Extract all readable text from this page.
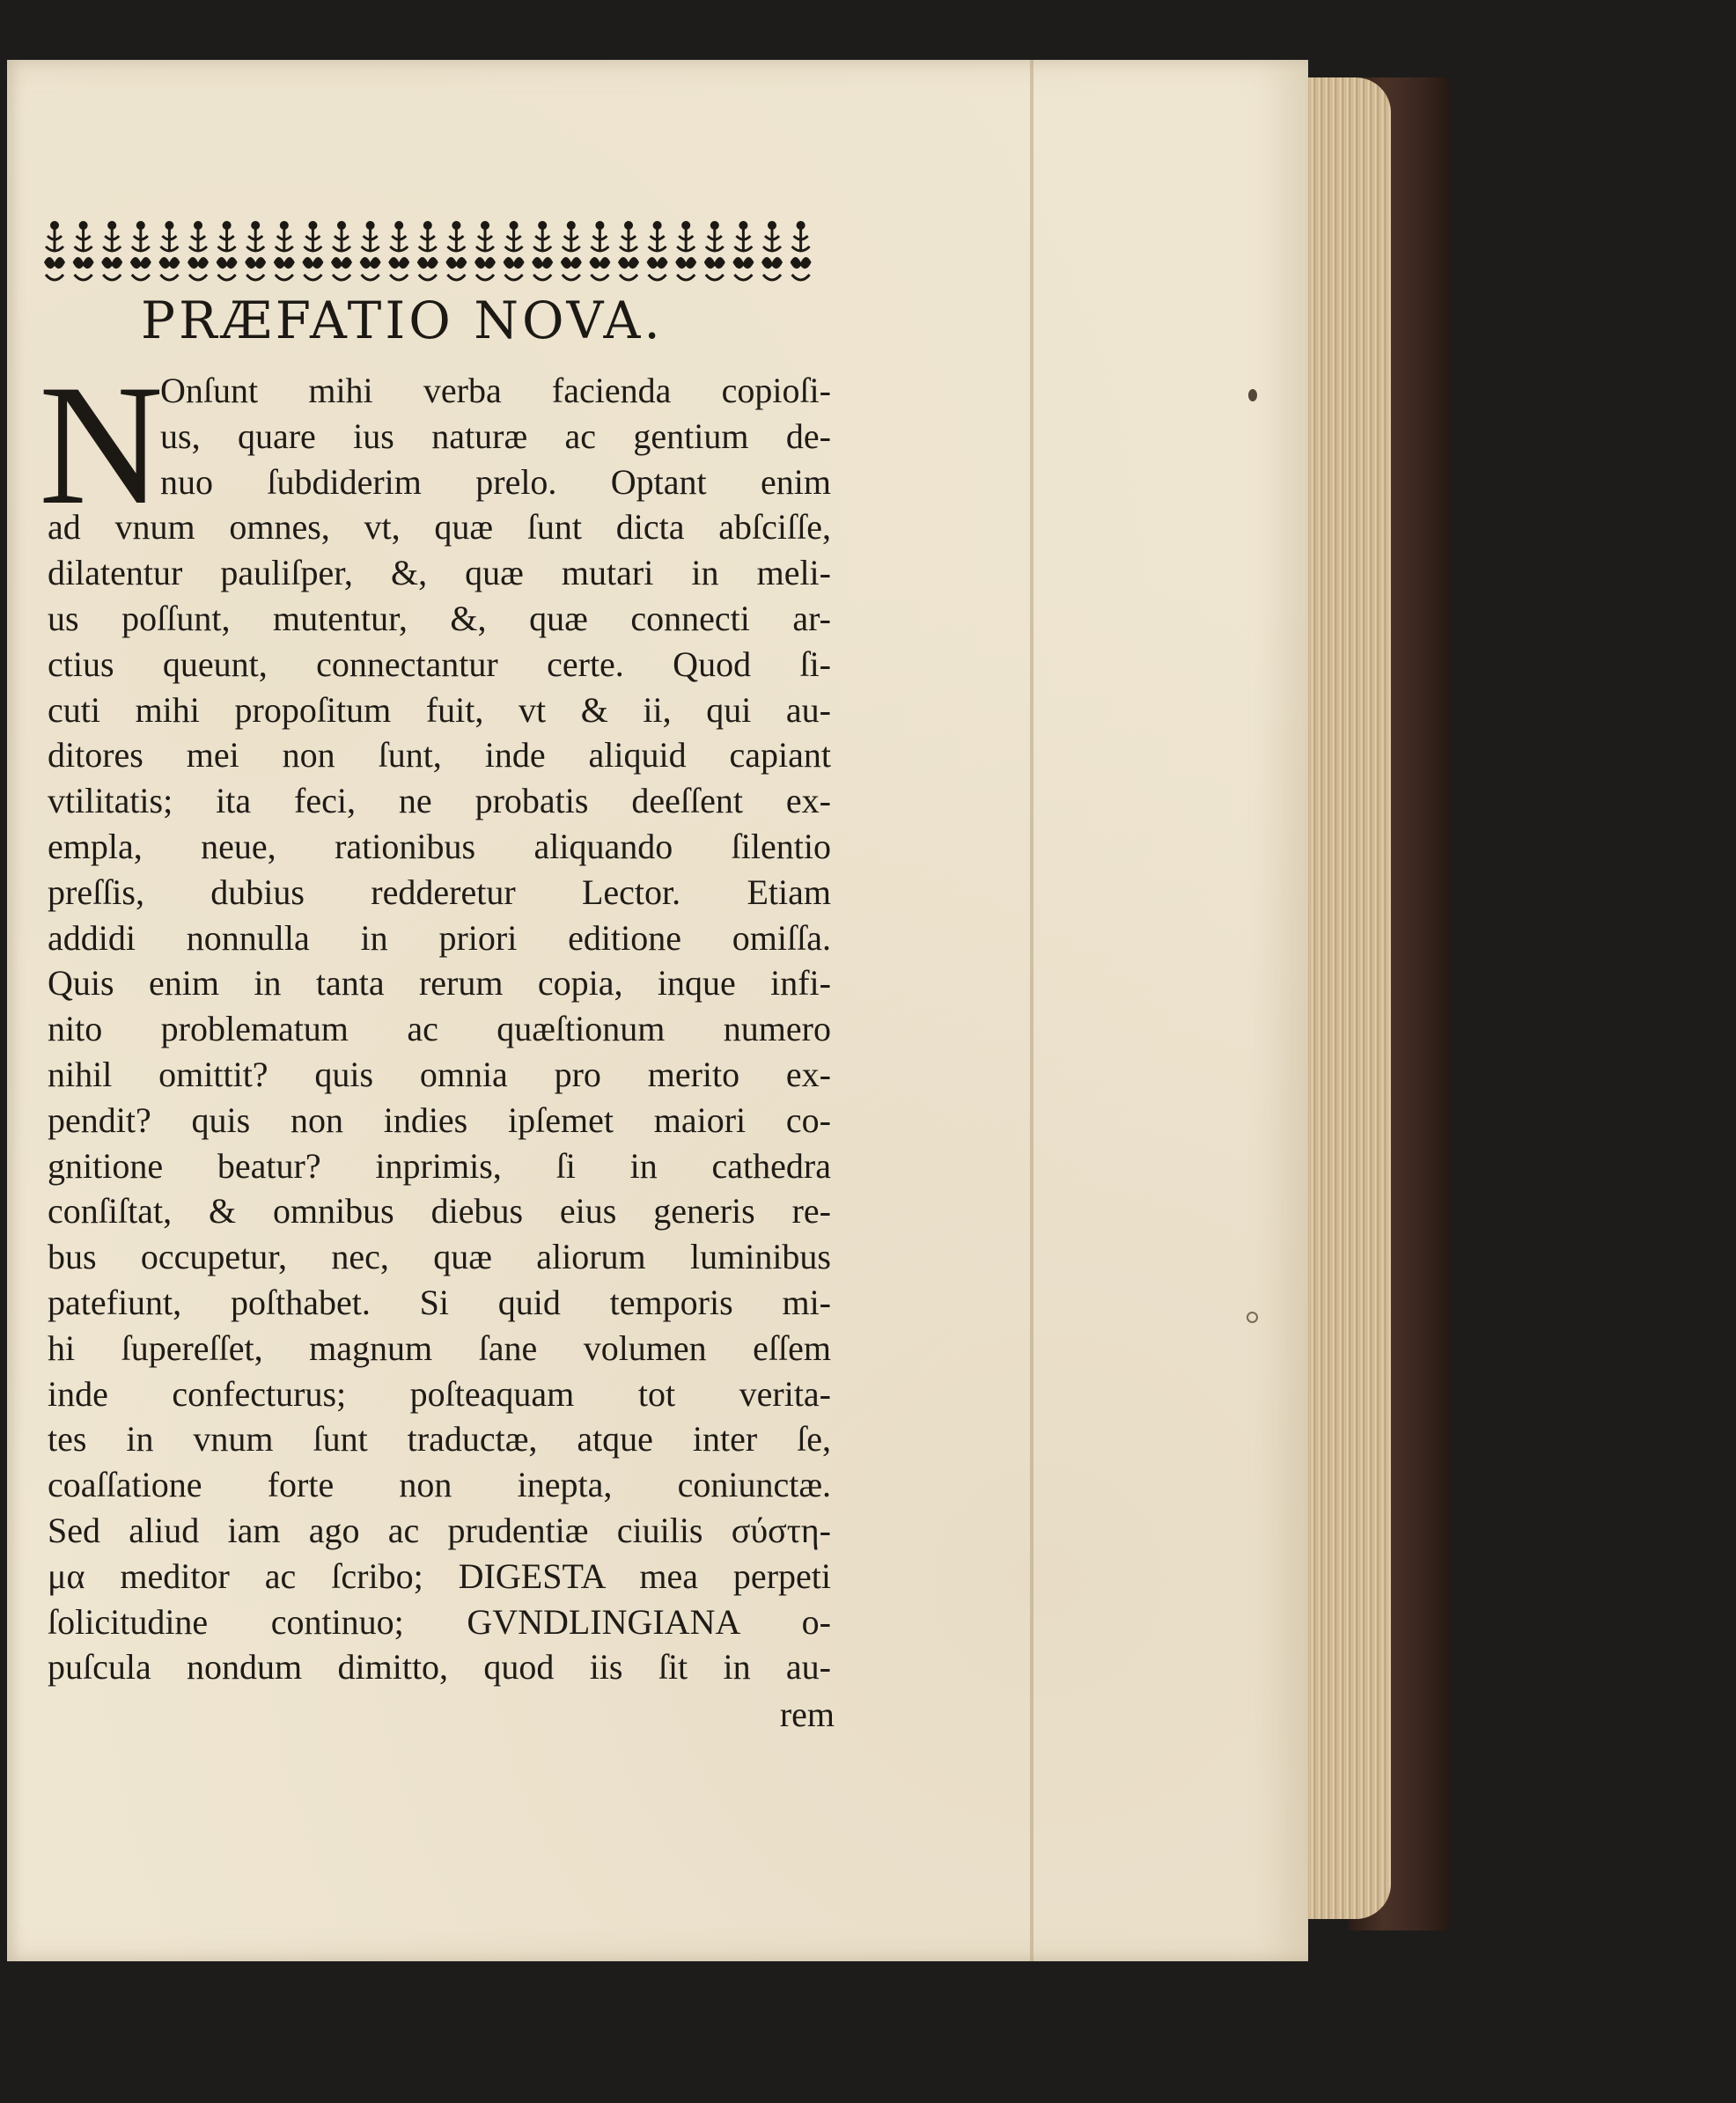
PRÆFATIO NOVA.
N
Onſunt mihi verba facienda copioſi-
us, quare ius naturæ ac gentium de-
nuo ſubdiderim prelo. Optant enim
ad vnum omnes, vt, quæ ſunt dicta abſciſſe,
dilatentur pauliſper, &, quæ mutari in meli-
us poſſunt, mutentur, &, quæ connecti ar-
ctius queunt, connectantur certe. Quod ſi-
cuti mihi propoſitum fuit, vt & ii, qui au-
ditores mei non ſunt, inde aliquid capiant
vtilitatis; ita feci, ne probatis deeſſent ex-
empla, neue, rationibus aliquando ſilentio
preſſis, dubius redderetur Lector. Etiam
addidi nonnulla in priori editione omiſſa.
Quis enim in tanta rerum copia, inque infi-
nito problematum ac quæſtionum numero
nihil omittit? quis omnia pro merito ex-
pendit? quis non indies ipſemet maiori co-
gnitione beatur? inprimis, ſi in cathedra
conſiſtat, & omnibus diebus eius generis re-
bus occupetur, nec, quæ aliorum luminibus
patefiunt, poſthabet. Si quid temporis mi-
hi ſupereſſet, magnum ſane volumen eſſem
inde confecturus; poſteaquam tot verita-
tes in vnum ſunt traductæ, atque inter ſe,
coaſſatione forte non inepta, coniunctæ.
Sed aliud iam ago ac prudentiæ ciuilis σύστη-
μα meditor ac ſcribo; DIGESTA mea perpeti
ſolicitudine continuo; GVNDLINGIANA o-
puſcula nondum dimitto, quod iis ſit in au-
rem
